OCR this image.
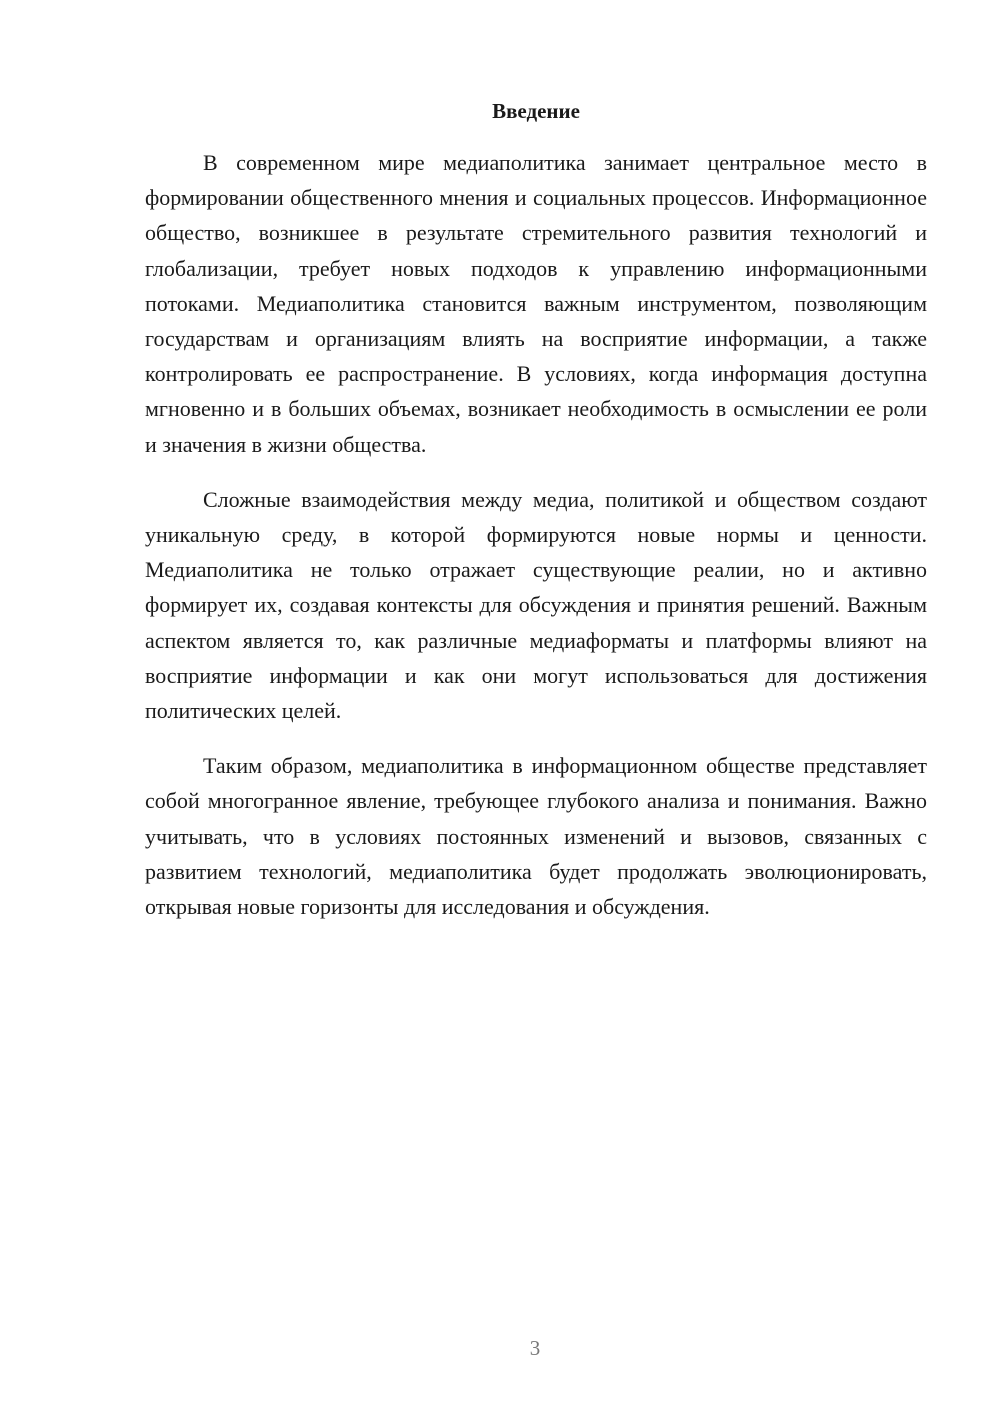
Введение

В современном мире медиаполитика занимает центральное место в формировании общественного мнения и социальных процессов. Информационное общество, возникшее в результате стремительного развития технологий и глобализации, требует новых подходов к управлению информационными потоками. Медиаполитика становится важным инструментом, позволяющим государствам и организациям влиять на восприятие информации, а также контролировать ее распространение. В условиях, когда информация доступна мгновенно и в больших объемах, возникает необходимость в осмыслении ее роли и значения в жизни общества.

Сложные взаимодействия между медиа, политикой и обществом создают уникальную среду, в которой формируются новые нормы и ценности. Медиаполитика не только отражает существующие реалии, но и активно формирует их, создавая контексты для обсуждения и принятия решений. Важным аспектом является то, как различные медиаформаты и платформы влияют на восприятие информации и как они могут использоваться для достижения политических целей.

Таким образом, медиаполитика в информационном обществе представляет собой многогранное явление, требующее глубокого анализа и понимания. Важно учитывать, что в условиях постоянных изменений и вызовов, связанных с развитием технологий, медиаполитика будет продолжать эволюционировать, открывая новые горизонты для исследования и обсуждения.

3
